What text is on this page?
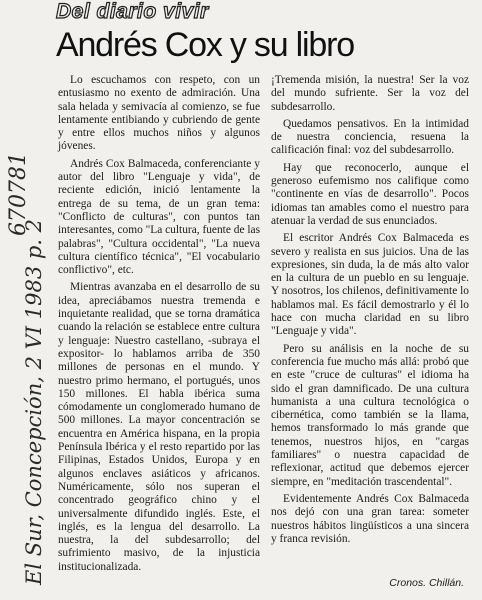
Del diario vivir
Andrés Cox y su libro

Lo escuchamos con respeto, con un entusiasmo no exento de admiración. Una sala helada y semivacía al comienzo, se fue lentamente entibiando y cubriendo de gente y entre ellos muchos niños y algunos jóvenes.

Andrés Cox Balmaceda, conferenciante y autor del libro "Lenguaje y vida", de reciente edición, inició lentamente la entrega de su tema, de un gran tema: "Conflicto de culturas", con puntos tan interesantes, como "La cultura, fuente de las palabras", "Cultura occidental", "La nueva cultura científico técnica", "El vocabulario conflictivo", etc.

Mientras avanzaba en el desarrollo de su idea, apreciábamos nuestra tremenda e inquietante realidad, que se torna dramática cuando la relación se establece entre cultura y lenguaje: Nuestro castellano, -subraya el expositor- lo hablamos arriba de 350 millones de personas en el mundo. Y nuestro primo hermano, el portugués, unos 150 millones. El habla ibérica suma cómodamente un conglomerado humano de 500 millones. La mayor concentración se encuentra en América hispana, en la propia Península Ibérica y el resto repartido por las Filipinas, Estados Unidos, Europa y en algunos enclaves asiáticos y africanos. Numéricamente, sólo nos superan el concentrado geográfico chino y el universalmente difundido inglés. Este, el inglés, es la lengua del desarrollo. La nuestra, la del subdesarrollo; del sufrimiento masivo, de la injusticia institucionalizada.

¡Tremenda misión, la nuestra! Ser la voz del mundo sufriente. Ser la voz del subdesarrollo.

Quedamos pensativos. En la intimidad de nuestra conciencia, resuena la calificación final: voz del subdesarrollo.

Hay que reconocerlo, aunque el generoso eufemismo nos califique como "continente en vías de desarrollo". Pocos idiomas tan amables como el nuestro para atenuar la verdad de sus enunciados.

El escritor Andrés Cox Balmaceda es severo y realista en sus juicios. Una de las expresiones, sin duda, la de más alto valor en la cultura de un pueblo en su lenguaje. Y nosotros, los chilenos, definitivamente lo hablamos mal. Es fácil demostrarlo y él lo hace con mucha claridad en su libro "Lenguaje y vida".

Pero su análisis en la noche de su conferencia fue mucho más allá: probó que en este "cruce de culturas" el idioma ha sido el gran damnificado. De una cultura humanista a una cultura tecnológica o cibernética, como también se la llama, hemos transformado lo más grande que tenemos, nuestros hijos, en "cargas familiares" o nuestra capacidad de reflexionar, actitud que debemos ejercer siempre, en "meditación trascendental".

Evidentemente Andrés Cox Balmaceda nos dejó con una gran tarea: someter nuestros hábitos lingüísticos a una sincera y franca revisión.

Cronos. Chillán.
670781
El Sur, Concepción, 2 VI 1983 p. 2
